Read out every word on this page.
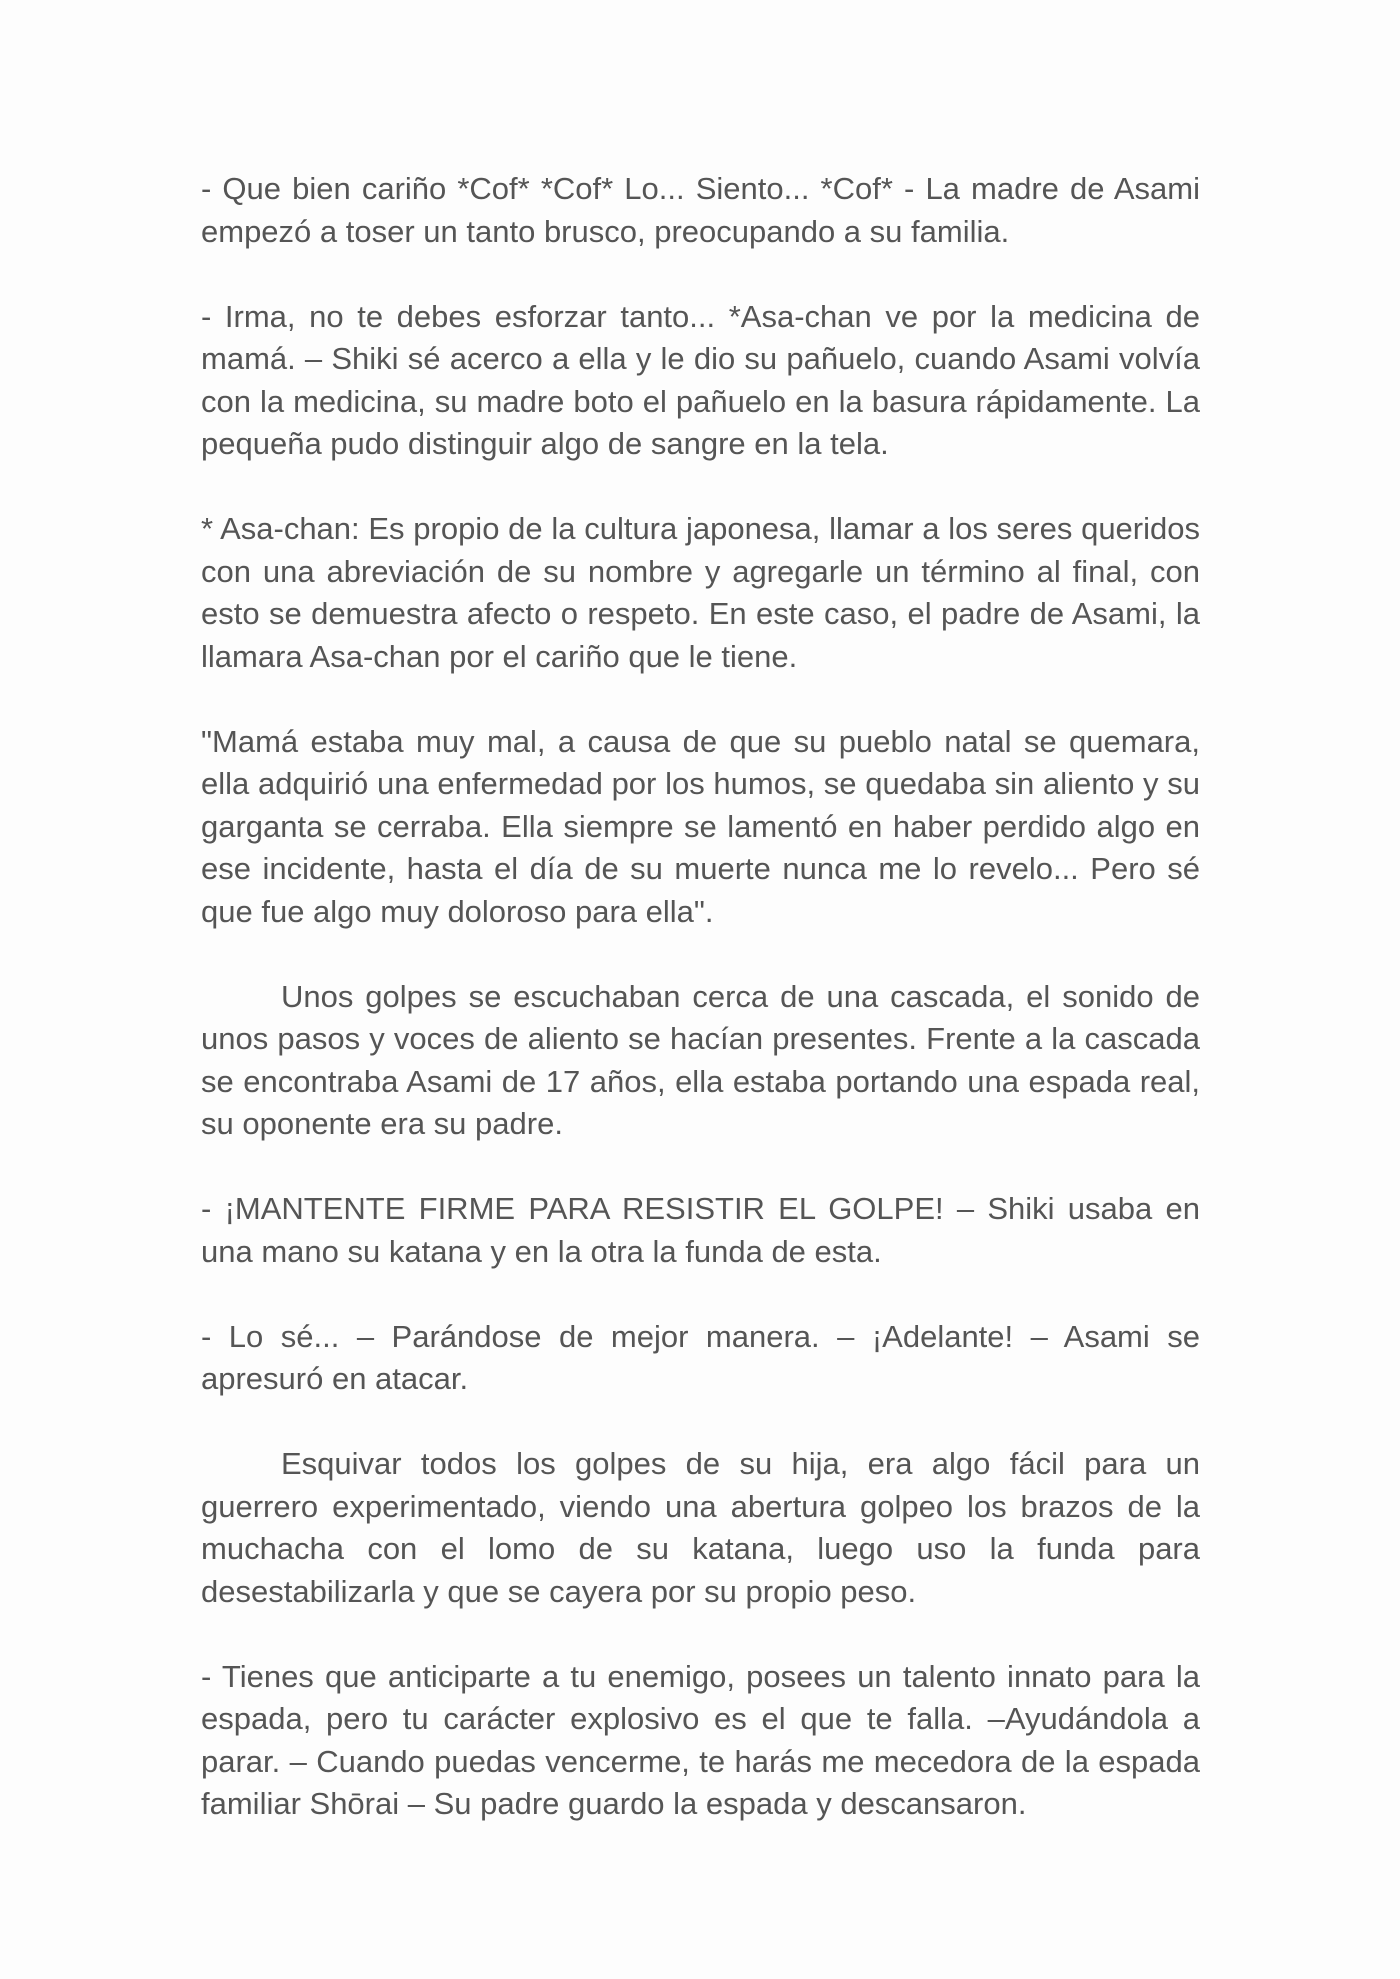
- Que bien cariño *Cof* *Cof* Lo... Siento... *Cof* - La madre de Asami empezó a toser un tanto brusco, preocupando a su familia.

- Irma, no te debes esforzar tanto... *Asa-chan ve por la medicina de mamá. – Shiki sé acerco a ella y le dio su pañuelo, cuando Asami volvía con la medicina, su madre boto el pañuelo en la basura rápidamente. La pequeña pudo distinguir algo de sangre en la tela.

* Asa-chan: Es propio de la cultura japonesa, llamar a los seres queridos con una abreviación de su nombre y agregarle un término al final, con esto se demuestra afecto o respeto. En este caso, el padre de Asami, la llamara Asa-chan por el cariño que le tiene.

"Mamá estaba muy mal, a causa de que su pueblo natal se quemara, ella adquirió una enfermedad por los humos, se quedaba sin aliento y su garganta se cerraba. Ella siempre se lamentó en haber perdido algo en ese incidente, hasta el día de su muerte nunca me lo revelo... Pero sé que fue algo muy doloroso para ella".

Unos golpes se escuchaban cerca de una cascada, el sonido de unos pasos y voces de aliento se hacían presentes. Frente a la cascada se encontraba Asami de 17 años, ella estaba portando una espada real, su oponente era su padre.

- ¡MANTENTE FIRME PARA RESISTIR EL GOLPE! – Shiki usaba en una mano su katana y en la otra la funda de esta.

- Lo sé... – Parándose de mejor manera. – ¡Adelante! – Asami se apresuró en atacar.

Esquivar todos los golpes de su hija, era algo fácil para un guerrero experimentado, viendo una abertura golpeo los brazos de la muchacha con el lomo de su katana, luego uso la funda para desestabilizarla y que se cayera por su propio peso.

- Tienes que anticiparte a tu enemigo, posees un talento innato para la espada, pero tu carácter explosivo es el que te falla. –Ayudándola a parar. – Cuando puedas vencerme, te harás me mecedora de la espada familiar Shōrai – Su padre guardo la espada y descansaron.
